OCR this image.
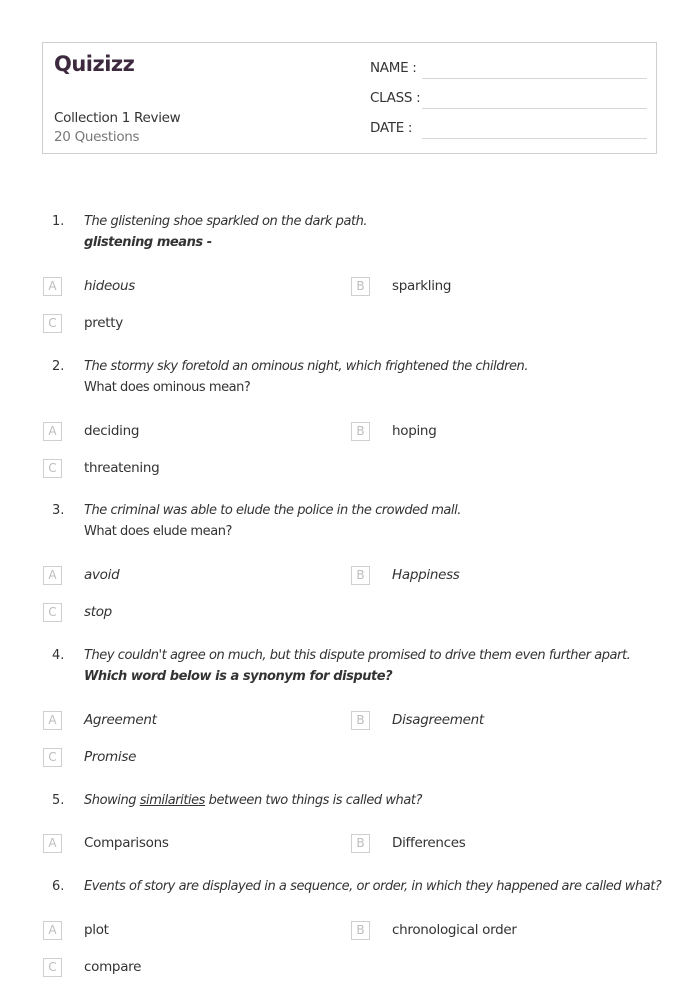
Quizizz
Collection 1 Review
20 Questions
NAME :
CLASS :
DATE :
1. The glistening shoe sparkled on the dark path.
glistening means -
A	hideous	B	sparkling
C	pretty
2. The stormy sky foretold an ominous night, which frightened the children.
What does ominous mean?
A	deciding	B	hoping
C	threatening
3. The criminal was able to elude the police in the crowded mall.
What does elude mean?
A	avoid	B	Happiness
C	stop
4. They couldn't agree on much, but this dispute promised to drive them even further apart.
Which word below is a synonym for dispute?
A	Agreement	B	Disagreement
C	Promise
5. Showing similarities between two things is called what?
A	Comparisons	B	Differences
6. Events of story are displayed in a sequence, or order, in which they happened are called what?
A	plot	B	chronological order
C	compare
